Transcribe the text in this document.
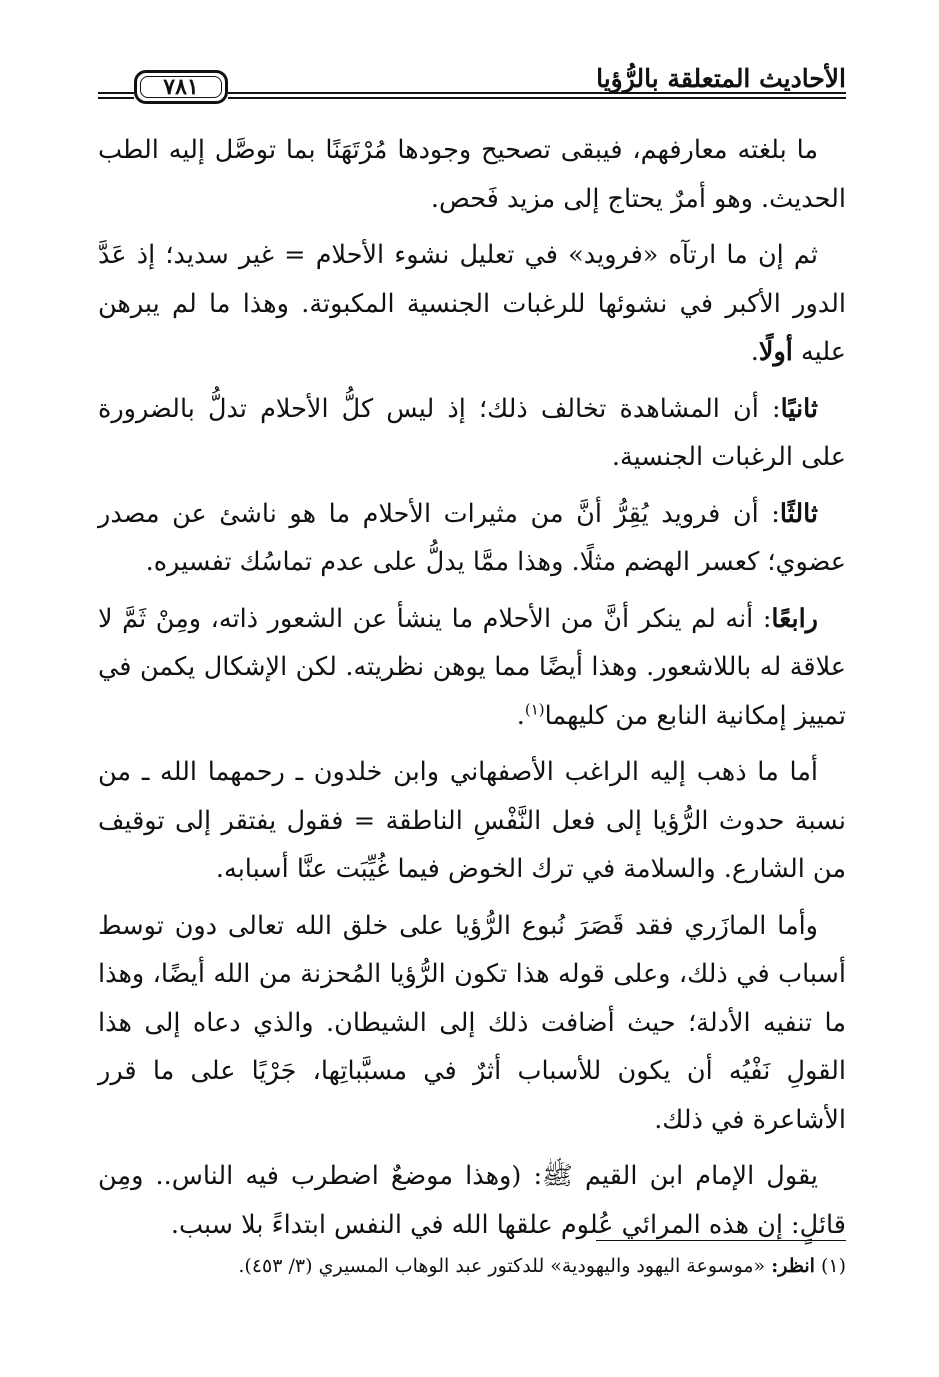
الأحاديث المتعلقة بالرُّؤيا
٧٨١

ما بلغته معارفهم، فيبقى تصحيح وجودها مُرْتَهَنًا بما توصَّل إليه الطب الحديث. وهو أمرٌ يحتاج إلى مزيد فَحص.

ثم إن ما ارتآه «فرويد» في تعليل نشوء الأحلام = غير سديد؛ إذ عَدَّ الدور الأكبر في نشوئها للرغبات الجنسية المكبوتة. وهذا ما لم يبرهن عليه أولًا.

ثانيًا: أن المشاهدة تخالف ذلك؛ إذ ليس كلُّ الأحلام تدلُّ بالضرورة على الرغبات الجنسية.

ثالثًا: أن فرويد يُقِرُّ أنَّ من مثيرات الأحلام ما هو ناشئ عن مصدر عضوي؛ كعسر الهضم مثلًا. وهذا ممَّا يدلُّ على عدم تماسُك تفسيره.

رابعًا: أنه لم ينكر أنَّ من الأحلام ما ينشأ عن الشعور ذاته، ومِنْ ثَمَّ لا علاقة له باللاشعور. وهذا أيضًا مما يوهن نظريته. لكن الإشكال يكمن في تمييز إمكانية النابع من كليهما$^{(١)}$.

أما ما ذهب إليه الراغب الأصفهاني وابن خلدون ـ رحمهما الله ـ من نسبة حدوث الرُّؤيا إلى فعل النَّفْسِ الناطقة = فقول يفتقر إلى توقيف من الشارع. والسلامة في ترك الخوض فيما غُيِّبَت عنَّا أسبابه.

وأما المازَري فقد قَصَرَ نُبوع الرُّؤيا على خلق الله تعالى دون توسط أسباب في ذلك، وعلى قوله هذا تكون الرُّؤيا المُحزنة من الله أيضًا، وهذا ما تنفيه الأدلة؛ حيث أضافت ذلك إلى الشيطان. والذي دعاه إلى هذا القولِ نَفْيُه أن يكون للأسباب أثرٌ في مسبَّباتِها، جَرْيًا على ما قرر الأشاعرة في ذلك.

يقول الإمام ابن القيم ﷺ: (وهذا موضعٌ اضطرب فيه الناس.. ومِن قائلٍ: إن هذه المرائي عُلوم علقها الله في النفس ابتداءً بلا سبب.

(١) انظر: «موسوعة اليهود واليهودية» للدكتور عبد الوهاب المسيري (٣/ ٤٥٣).
